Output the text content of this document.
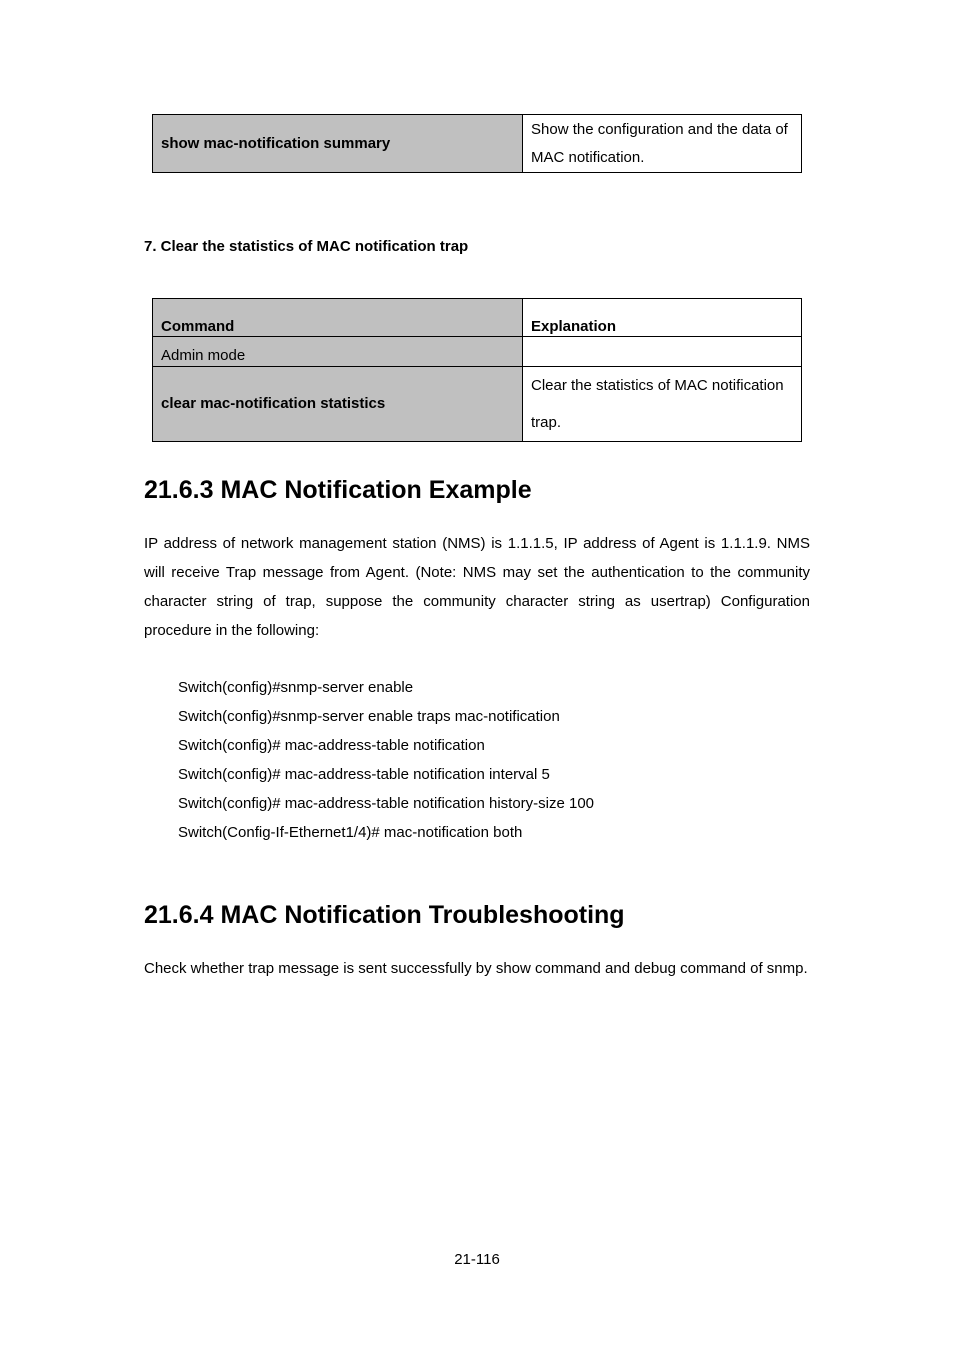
show mac-notification summary	Show the configuration and the data of MAC notification.
7. Clear the statistics of MAC notification trap
Command	Explanation
Admin mode	
clear mac-notification statistics	Clear the statistics of MAC notification trap.
21.6.3 MAC Notification Example

IP address of network management station (NMS) is 1.1.1.5, IP address of Agent is 1.1.1.9. NMS will receive Trap message from Agent. (Note: NMS may set the authentication to the community character string of trap, suppose the community character string as usertrap) Configuration procedure in the following:

Switch(config)#snmp-server enable
Switch(config)#snmp-server enable traps mac-notification
Switch(config)# mac-address-table notification
Switch(config)# mac-address-table notification interval 5
Switch(config)# mac-address-table notification history-size 100
Switch(Config-If-Ethernet1/4)# mac-notification both
21.6.4 MAC Notification Troubleshooting

Check whether trap message is sent successfully by show command and debug command of snmp.

21-116
